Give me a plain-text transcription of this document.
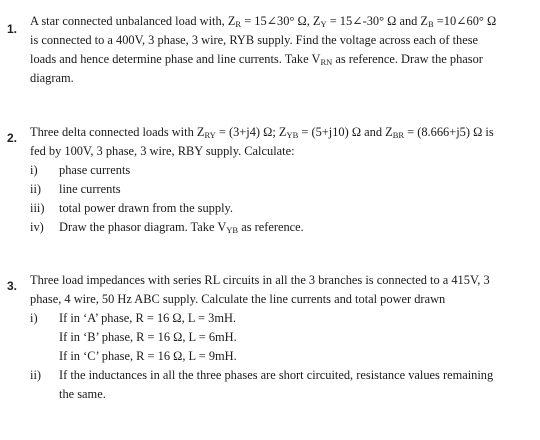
1.
A star connected unbalanced load with, $Z_R$ = 15∠30° Ω, $Z_Y$ = 15∠-30° Ω and $Z_B$ =10∠60° Ω
is connected to a 400V, 3 phase, 3 wire, RYB supply. Find the voltage across each of these
loads and hence determine phase and line currents. Take $V_{RN}$ as reference. Draw the phasor
diagram.
2. Three delta connected loads with $Z_{RY} = (3+j4)$ Ω; $Z_{YB} = (5+j10)$ Ω and $Z_{BR} = (8.666+j5)$ Ω is
fed by 100V, 3 phase, 3 wire, RBY supply. Calculate:
i) phase currents
ii) line currents
iii) total power drawn from the supply.
iv) Draw the phasor diagram. Take $V_{YB}$ as reference.
3. Three load impedances with series RL circuits in all the 3 branches is connected to a 415V, 3
phase, 4 wire, 50 Hz ABC supply. Calculate the line currents and total power drawn
i) If in ‘A’ phase, R = 16 Ω, L = 3mH.
If in ‘B’ phase, R = 16 Ω, L = 6mH.
If in ‘C’ phase, R = 16 Ω, L = 9mH.
ii) If the inductances in all the three phases are short circuited, resistance values remaining
the same.
